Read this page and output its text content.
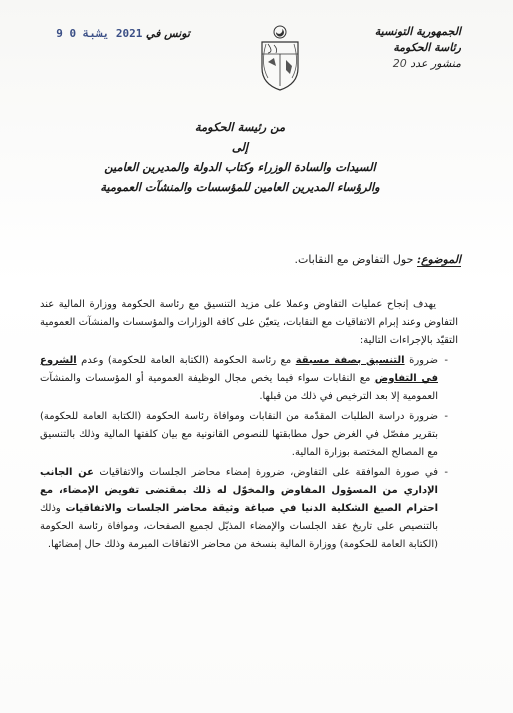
الجمهورية التونسية
رئاسة الحكومة
منشور عدد 20
تونس في 2021 يشبة 0 9
من رئيسة الحكومة
إلى
السيدات والسادة الوزراء وكتاب الدولة والمديرين العامين
والرؤساء المديرين العامين للمؤسسات والمنشآت العمومية
الموضوع: حول التفاوض مع النقابات.

يهدف إنجاح عمليات التفاوض وعملا على مزيد التنسيق مع رئاسة الحكومة ووزارة المالية عند التفاوض وعند إبرام الاتفاقيات مع النقابات، يتعيّن على كافة الوزارات والمؤسسات والمنشآت العمومية التقيّد بالإجراءات التالية:

- ضرورة التنسيق بصفة مسبقة مع رئاسة الحكومة (الكتابة العامة للحكومة) وعدم الشروع في التفاوض مع النقابات سواء فيما يخص مجال الوظيفة العمومية أو المؤسسات والمنشآت العمومية إلا بعد الترخيص في ذلك من قبلها.
- ضرورة دراسة الطلبات المقدّمة من النقابات وموافاة رئاسة الحكومة (الكتابة العامة للحكومة) بتقرير مفصّل في الغرض حول مطابقتها للنصوص القانونية مع بيان كلفتها المالية وذلك بالتنسيق مع المصالح المختصة بوزارة المالية.
- في صورة الموافقة على التفاوض، ضرورة إمضاء محاضر الجلسات والاتفاقيات عن الجانب الإداري من المسؤول المفاوض والمخوّل له ذلك بمقتضى تفويض الإمضاء، مع احترام الصيغ الشكلية الدنيا في صياغة وثيقة محاضر الجلسات والاتفاقيات وذلك بالتنصيص على تاريخ عقد الجلسات والإمضاء المذيّل لجميع الصفحات، وموافاة رئاسة الحكومة (الكتابة العامة للحكومة) ووزارة المالية بنسخة من محاضر الاتفاقات المبرمة وذلك حال إمضائها.
